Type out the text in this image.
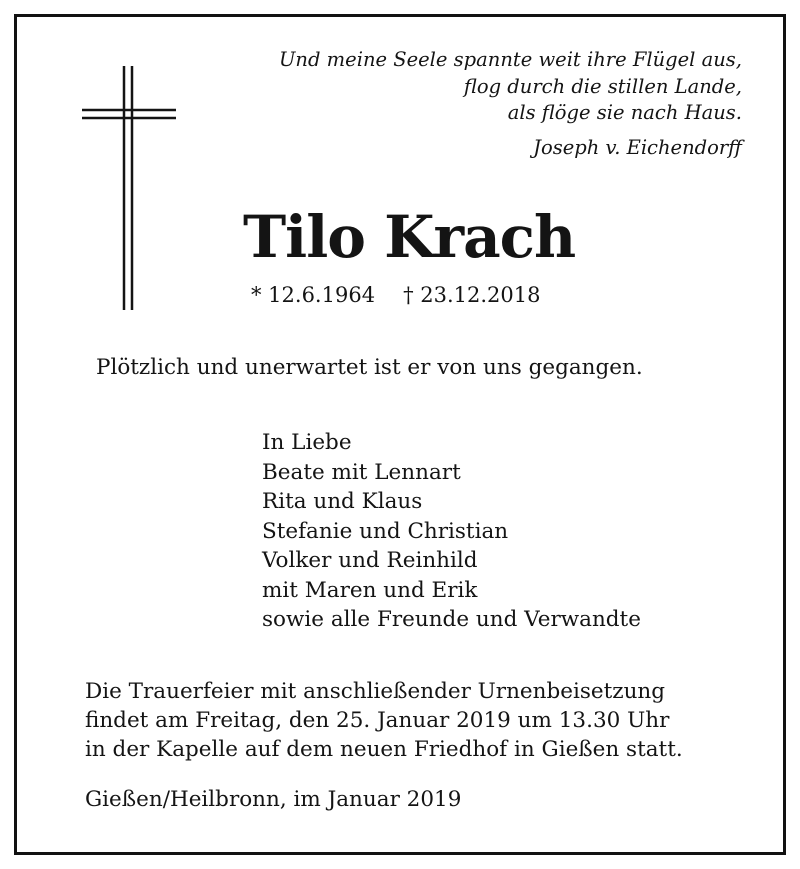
Und meine Seele spannte weit ihre Flügel aus,
flog durch die stillen Lande,
als flöge sie nach Haus.
Joseph v. Eichendorff
Tilo Krach
* 12.6.1964 † 23.12.2018
Plötzlich und unerwartet ist er von uns gegangen.
In Liebe
Beate mit Lennart
Rita und Klaus
Stefanie und Christian
Volker und Reinhild
mit Maren und Erik
sowie alle Freunde und Verwandte
Die Trauerfeier mit anschließender Urnenbeisetzung
findet am Freitag, den 25. Januar 2019 um 13.30 Uhr
in der Kapelle auf dem neuen Friedhof in Gießen statt.
Gießen/Heilbronn, im Januar 2019
